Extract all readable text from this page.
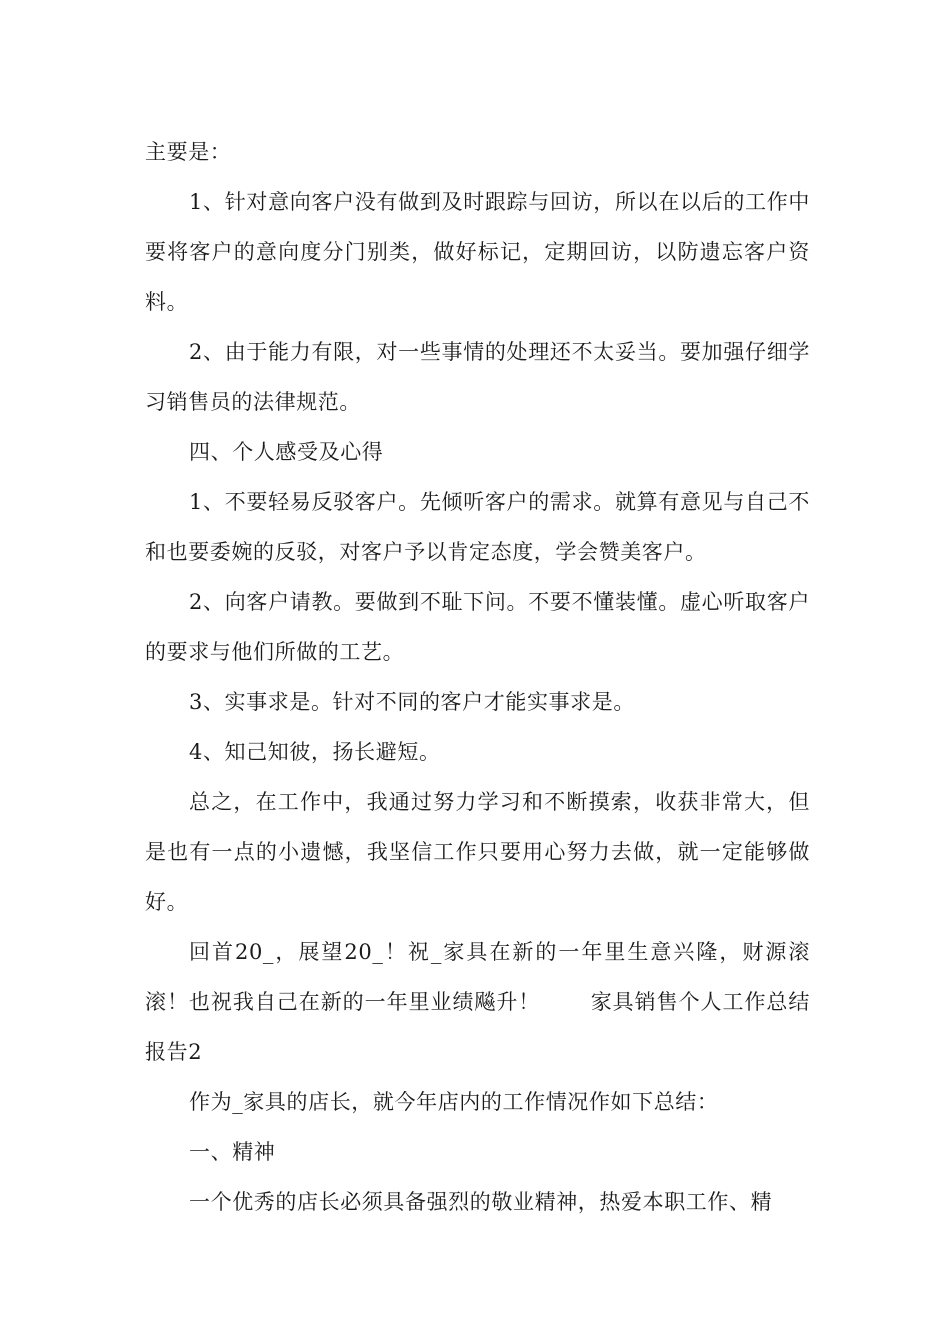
主要是：

1、针对意向客户没有做到及时跟踪与回访，所以在以后的工作中要将客户的意向度分门别类，做好标记，定期回访，以防遗忘客户资料。

2、由于能力有限，对一些事情的处理还不太妥当。要加强仔细学习销售员的法律规范。

四、个人感受及心得

1、不要轻易反驳客户。先倾听客户的需求。就算有意见与自己不和也要委婉的反驳，对客户予以肯定态度，学会赞美客户。

2、向客户请教。要做到不耻下问。不要不懂装懂。虚心听取客户的要求与他们所做的工艺。

3、实事求是。针对不同的客户才能实事求是。

4、知己知彼，扬长避短。

总之，在工作中，我通过努力学习和不断摸索，收获非常大，但是也有一点的小遗憾，我坚信工作只要用心努力去做，就一定能够做好。

回首20_，展望20_！祝_家具在新的一年里生意兴隆，财源滚滚！也祝我自己在新的一年里业绩飚升！ 家具销售个人工作总结报告2

作为_家具的店长，就今年店内的工作情况作如下总结：

一、精神

一个优秀的店长必须具备强烈的敬业精神，热爱本职工作、精
